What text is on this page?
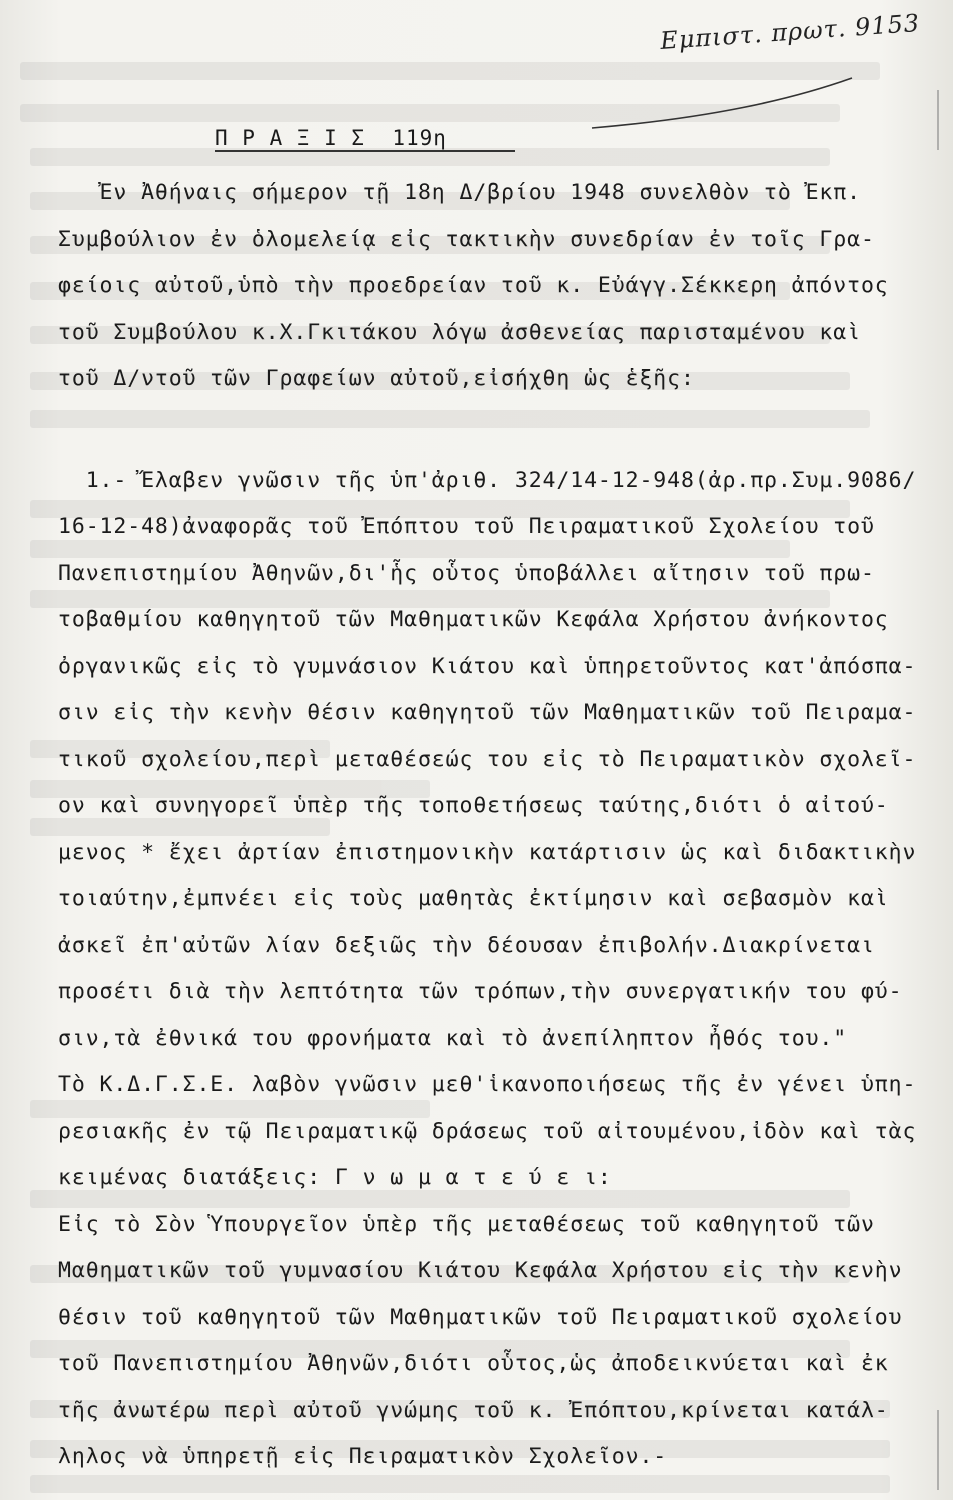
Εμπιστ. πρωτ. 9153
Π Ρ Α Ξ Ι Σ  119η
Ἐν Ἀθήναις σήμερον τῇ 18η Δ/βρίου 1948 συνελθὸν τὸ Ἐκπ.
Συμβούλιον ἐν ὁλομελείᾳ εἰς τακτικὴν συνεδρίαν ἐν τοῖς Γρα-
φείοις αὐτοῦ,ὑπὸ τὴν προεδρείαν τοῦ κ. Εὐάγγ.Σέκκερη ἀπόντος
τοῦ Συμβούλου κ.Χ.Γκιτάκου λόγω ἀσθενείας παρισταμένου καὶ
τοῦ Δ/ντοῦ τῶν Γραφείων αὐτοῦ,εἰσήχθη ὡς ἑξῆς:
1.- Ἔλαβεν γνῶσιν τῆς ὑπ'ἀριθ. 324/14-12-948(ἀρ.πρ.Συμ.9086/
16-12-48)ἀναφορᾶς τοῦ Ἐπόπτου τοῦ Πειραματικοῦ Σχολείου τοῦ
Πανεπιστημίου Ἀθηνῶν,δι'ἧς οὗτος ὑποβάλλει αἴτησιν τοῦ πρω-
τοβαθμίου καθηγητοῦ τῶν Μαθηματικῶν Κεφάλα Χρήστου ἀνήκοντος
ὀργανικῶς εἰς τὸ γυμνάσιον Κιάτου καὶ ὑπηρετοῦντος κατ'ἀπόσπα-
σιν εἰς τὴν κενὴν θέσιν καθηγητοῦ τῶν Μαθηματικῶν τοῦ Πειραμα-
τικοῦ σχολείου,περὶ μεταθέσεώς του εἰς τὸ Πειραματικὸν σχολεῖ-
ον καὶ συνηγορεῖ ὑπὲρ τῆς τοποθετήσεως ταύτης,διότι ὁ αἰτού-
μενος * ἔχει ἀρτίαν ἐπιστημονικὴν κατάρτισιν ὡς καὶ διδακτικὴν
τοιαύτην,ἐμπνέει εἰς τοὺς μαθητὰς ἐκτίμησιν καὶ σεβασμὸν καὶ
ἀσκεῖ ἐπ'αὐτῶν λίαν δεξιῶς τὴν δέουσαν ἐπιβολήν.Διακρίνεται
προσέτι διὰ τὴν λεπτότητα τῶν τρόπων,τὴν συνεργατικήν του φύ-
σιν,τὰ ἐθνικά του φρονήματα καὶ τὸ ἀνεπίληπτον ἦθός του."
Τὸ Κ.Δ.Γ.Σ.Ε. λαβὸν γνῶσιν μεθ'ἱκανοποιήσεως τῆς ἐν γένει ὑπη-
ρεσιακῆς ἐν τῷ Πειραματικῷ δράσεως τοῦ αἰτουμένου,ἰδὸν καὶ τὰς
κειμένας διατάξεις: Γ ν ω μ α τ ε ύ ε ι:
Εἰς τὸ Σὸν Ὑπουργεῖον ὑπὲρ τῆς μεταθέσεως τοῦ καθηγητοῦ τῶν
Μαθηματικῶν τοῦ γυμνασίου Κιάτου Κεφάλα Χρήστου εἰς τὴν κενὴν
θέσιν τοῦ καθηγητοῦ τῶν Μαθηματικῶν τοῦ Πειραματικοῦ σχολείου
τοῦ Πανεπιστημίου Ἀθηνῶν,διότι οὗτος,ὡς ἀποδεικνύεται καὶ ἐκ
τῆς ἀνωτέρω περὶ αὐτοῦ γνώμης τοῦ κ. Ἐπόπτου,κρίνεται κατάλ-
ληλος νὰ ὑπηρετῇ εἰς Πειραματικὸν Σχολεῖον.-
